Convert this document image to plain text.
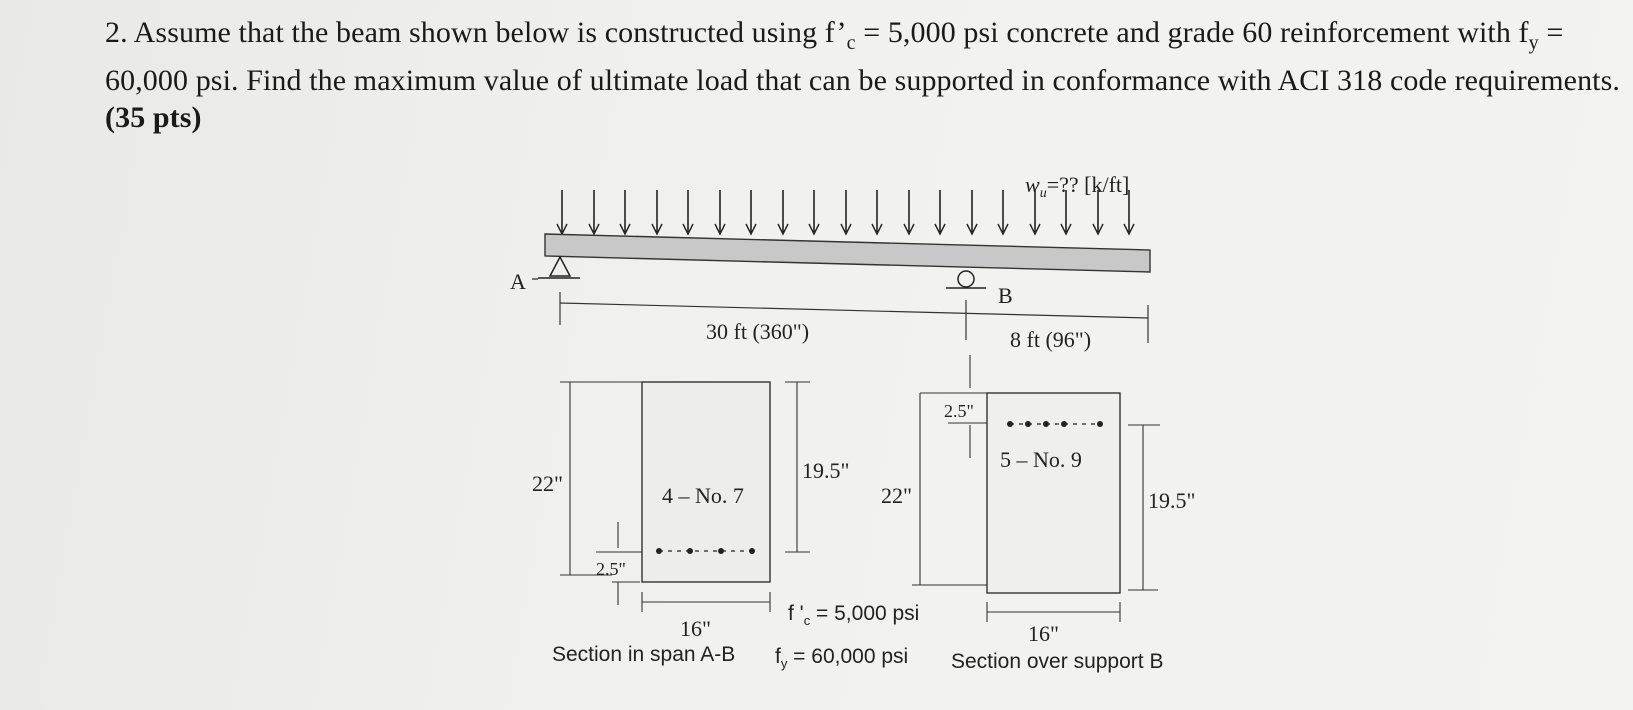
2. Assume that the beam shown below is constructed using $f’_c = 5,000$ psi concrete and grade 60 reinforcement with $f_y = 60,000$ psi. Find the maximum value of ultimate load that can be supported in conformance with ACI 318 code requirements. (35 pts)
$w_u=$?? [k/ft]
A
B
30 ft (360")	8 ft (96")
22"
19.5"
2.5"
4 – No. 7
16"
Section in span A-B
f '$_c = 5,000$ psi
$f_y = 60,000$ psi
22"	19.5"
2.5"
5 – No. 9
16"
Section over support B
